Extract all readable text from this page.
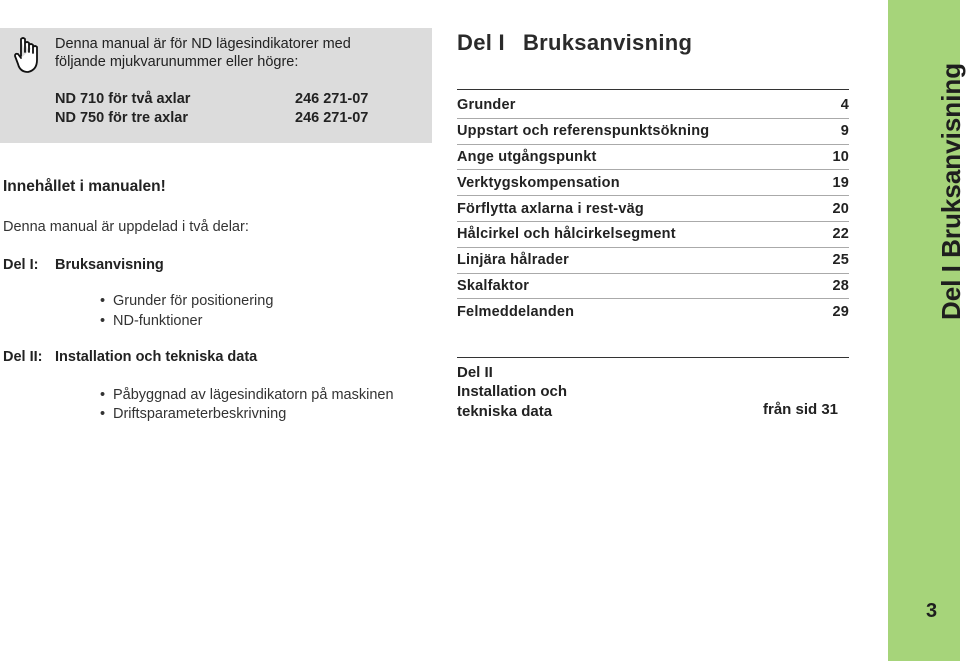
Denna manual är för ND lägesindikatorer med
följande mjukvarunummer eller högre:
ND 710 för två axlar	246 271-07
ND 750 för tre axlar	246 271-07
Innehållet i manualen!
Denna manual är uppdelad i två delar:
Del I: Bruksanvisning
• Grunder för positionering
• ND-funktioner
Del II: Installation och tekniska data
• Påbyggnad av lägesindikatorn på maskinen
• Driftsparameterbeskrivning
Del I Bruksanvisning
Grunder	4
Uppstart och referenspunktsökning	9
Ange utgångspunkt	10
Verktygskompensation	19
Förflytta axlarna i rest-väg	20
Hålcirkel och hålcirkelsegment	22
Linjära hålrader	25
Skalfaktor	28
Felmeddelanden	29
Del II
Installation och
tekniska data	från sid 31
Del I Bruksanvisning
3
